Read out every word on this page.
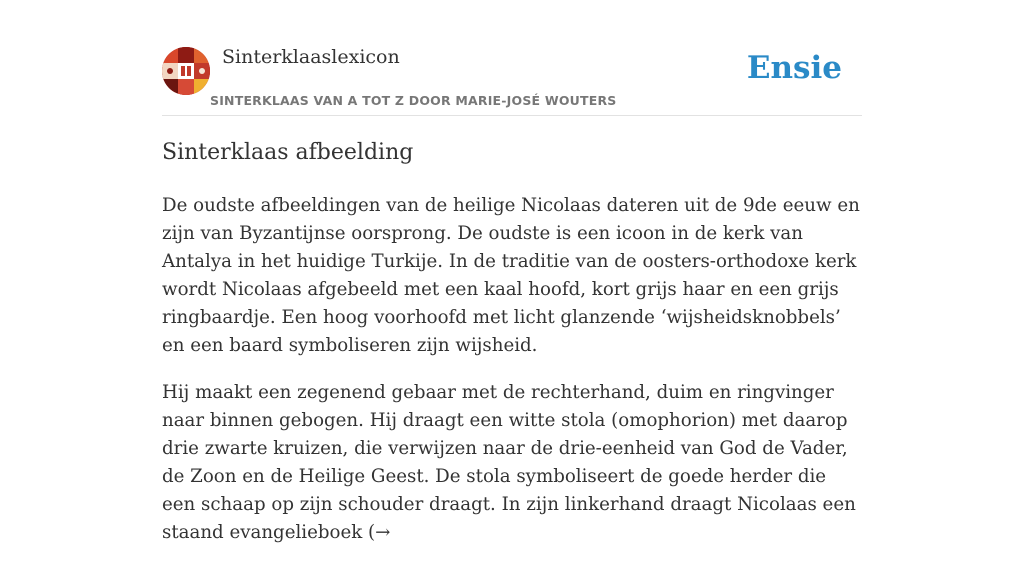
Sinterklaaslexicon
SINTERKLAAS VAN A TOT Z DOOR MARIE-JOSÉ WOUTERS
Ensie
Sinterklaas afbeelding

De oudste afbeeldingen van de heilige Nicolaas dateren uit de 9de eeuw en zijn van Byzantijnse oorsprong. De oudste is een icoon in de kerk van Antalya in het huidige Turkije. In de traditie van de oosters-orthodoxe kerk wordt Nicolaas afgebeeld met een kaal hoofd, kort grijs haar en een grijs ringbaardje. Een hoog voorhoofd met licht glanzende ‘wijsheidsknobbels’ en een baard symboliseren zijn wijsheid.

Hij maakt een zegenend gebaar met de rechterhand, duim en ringvinger naar binnen gebogen. Hij draagt een witte stola (omophorion) met daarop drie zwarte kruizen, die verwijzen naar de drie-eenheid van God de Vader, de Zoon en de Heilige Geest. De stola symboliseert de goede herder die een schaap op zijn schouder draagt. In zijn linkerhand draagt Nicolaas een staand evangelieboek (→
